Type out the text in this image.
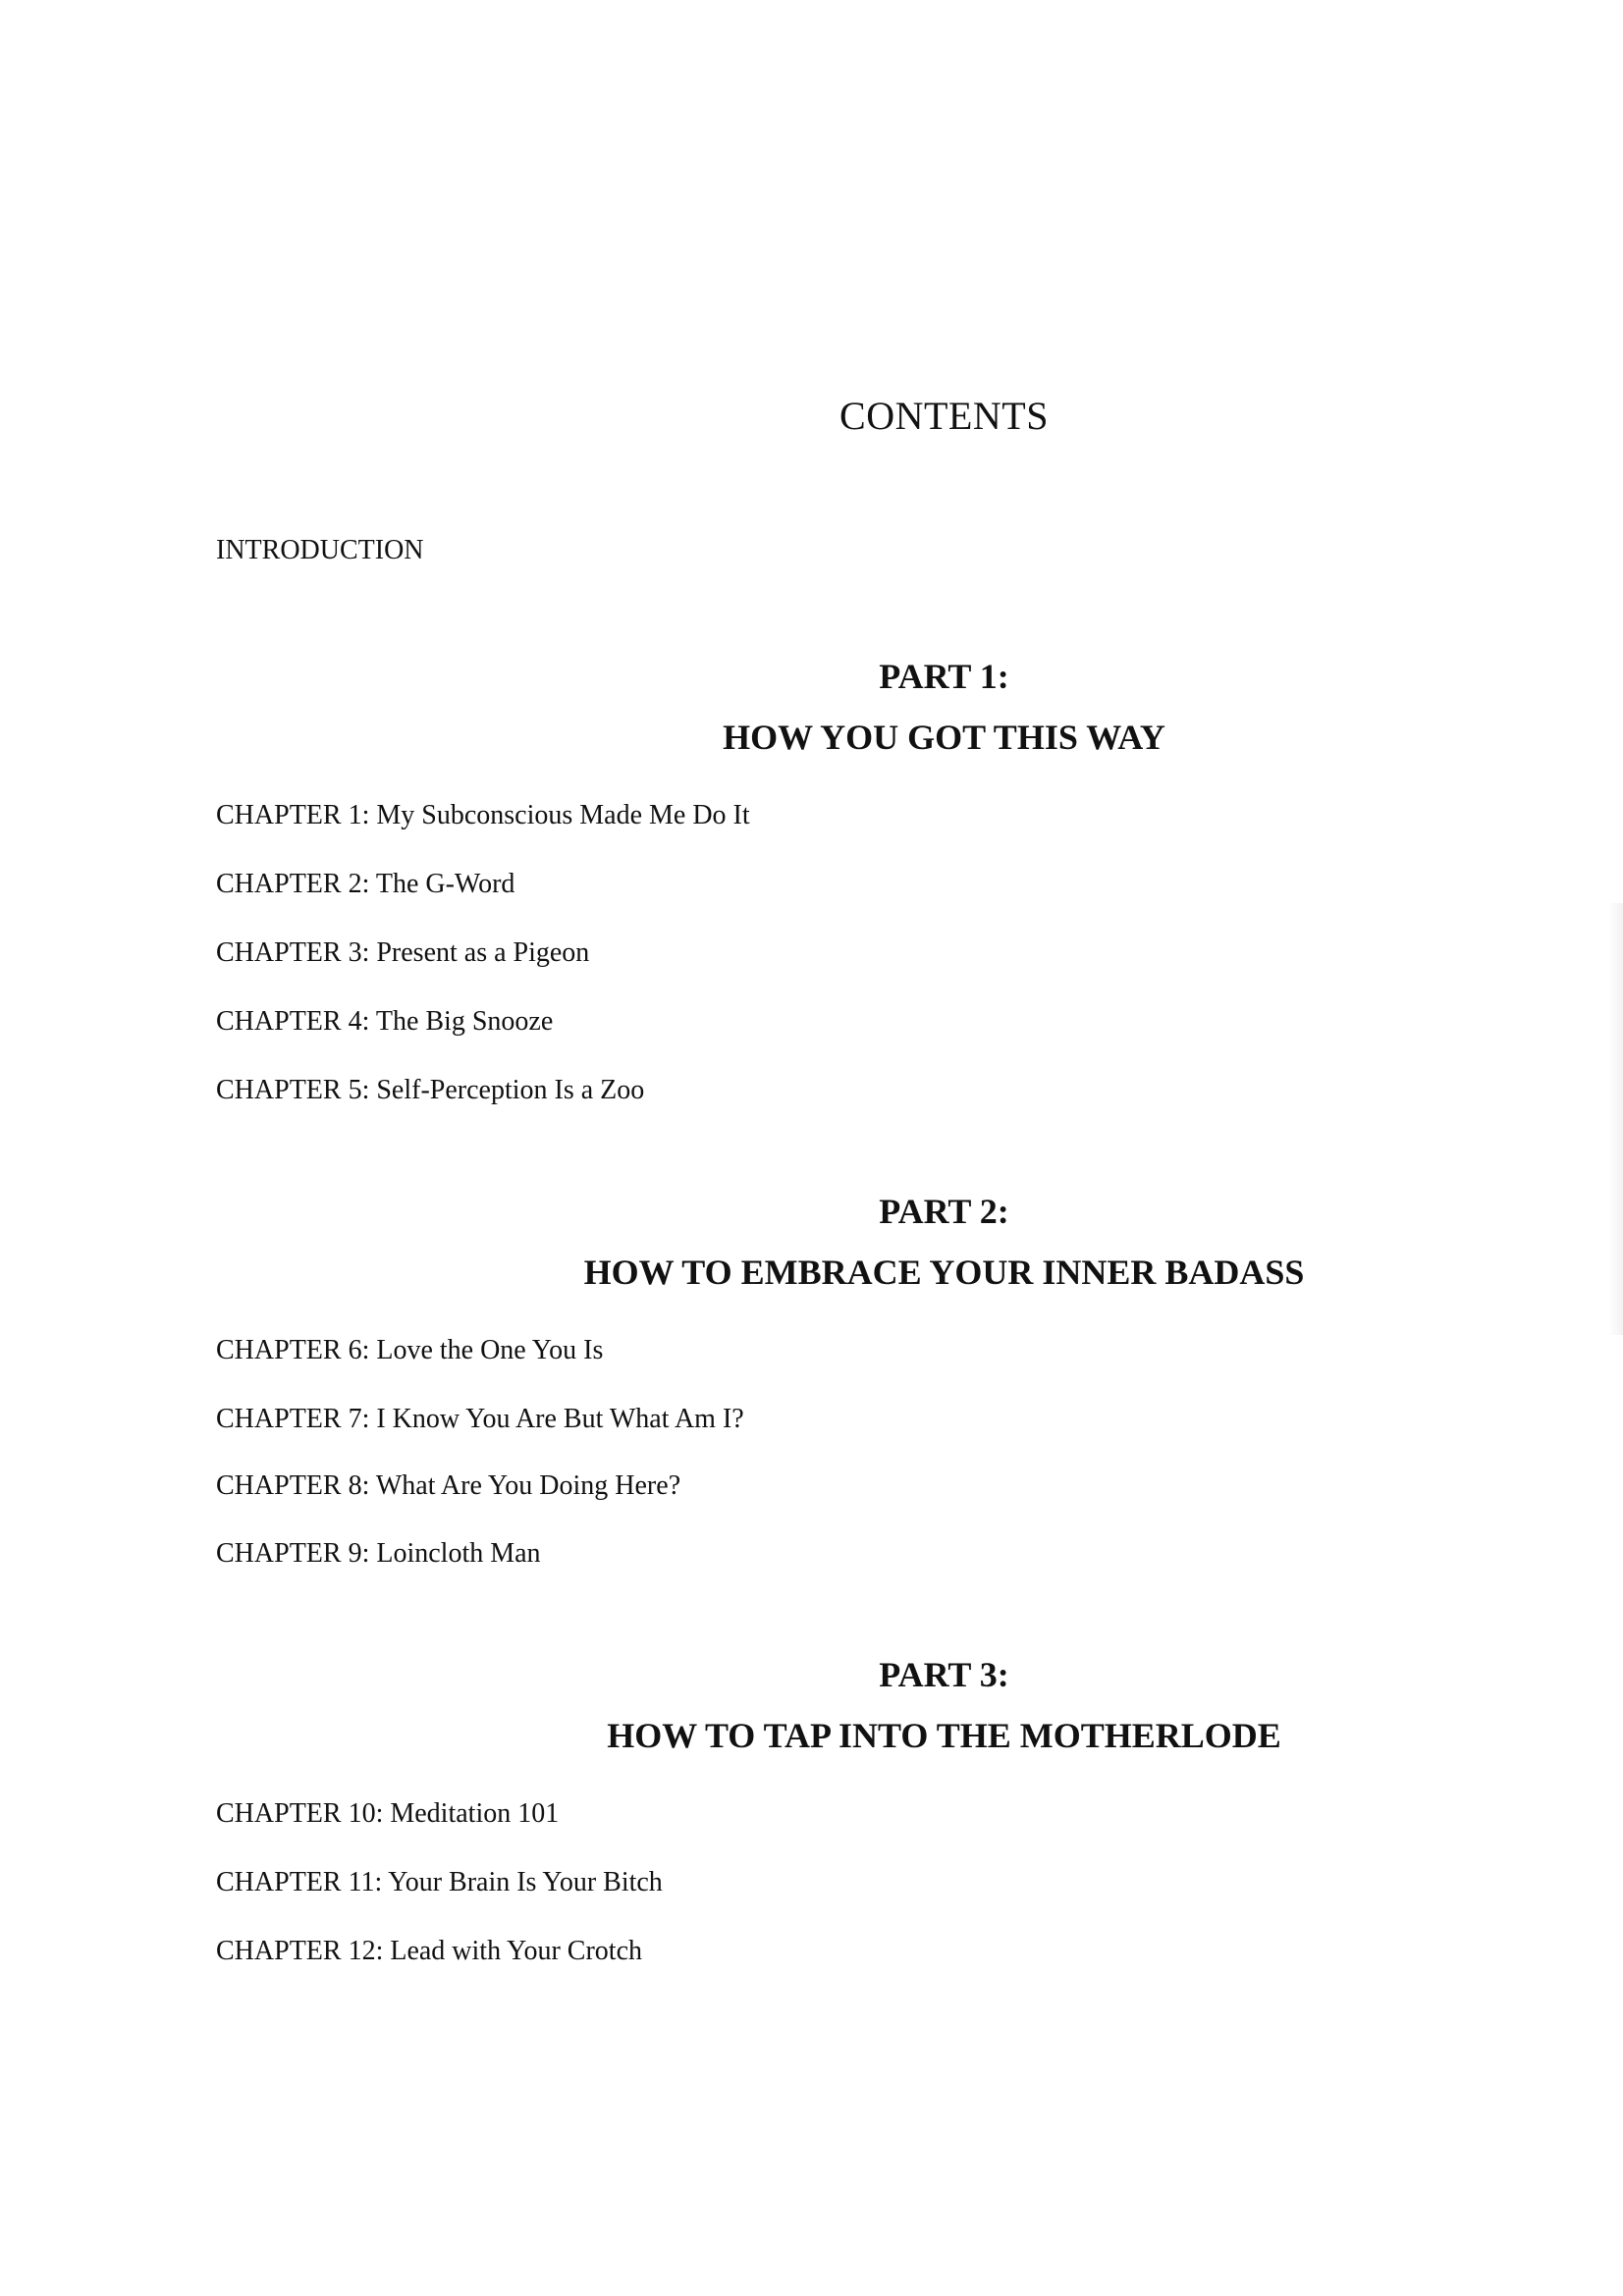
CONTENTS

INTRODUCTION

PART 1:
HOW YOU GOT THIS WAY

CHAPTER 1: My Subconscious Made Me Do It

CHAPTER 2: The G-Word

CHAPTER 3: Present as a Pigeon

CHAPTER 4: The Big Snooze

CHAPTER 5: Self-Perception Is a Zoo

PART 2:
HOW TO EMBRACE YOUR INNER BADASS

CHAPTER 6: Love the One You Is

CHAPTER 7: I Know You Are But What Am I?

CHAPTER 8: What Are You Doing Here?

CHAPTER 9: Loincloth Man

PART 3:
HOW TO TAP INTO THE MOTHERLODE

CHAPTER 10: Meditation 101

CHAPTER 11: Your Brain Is Your Bitch

CHAPTER 12: Lead with Your Crotch
